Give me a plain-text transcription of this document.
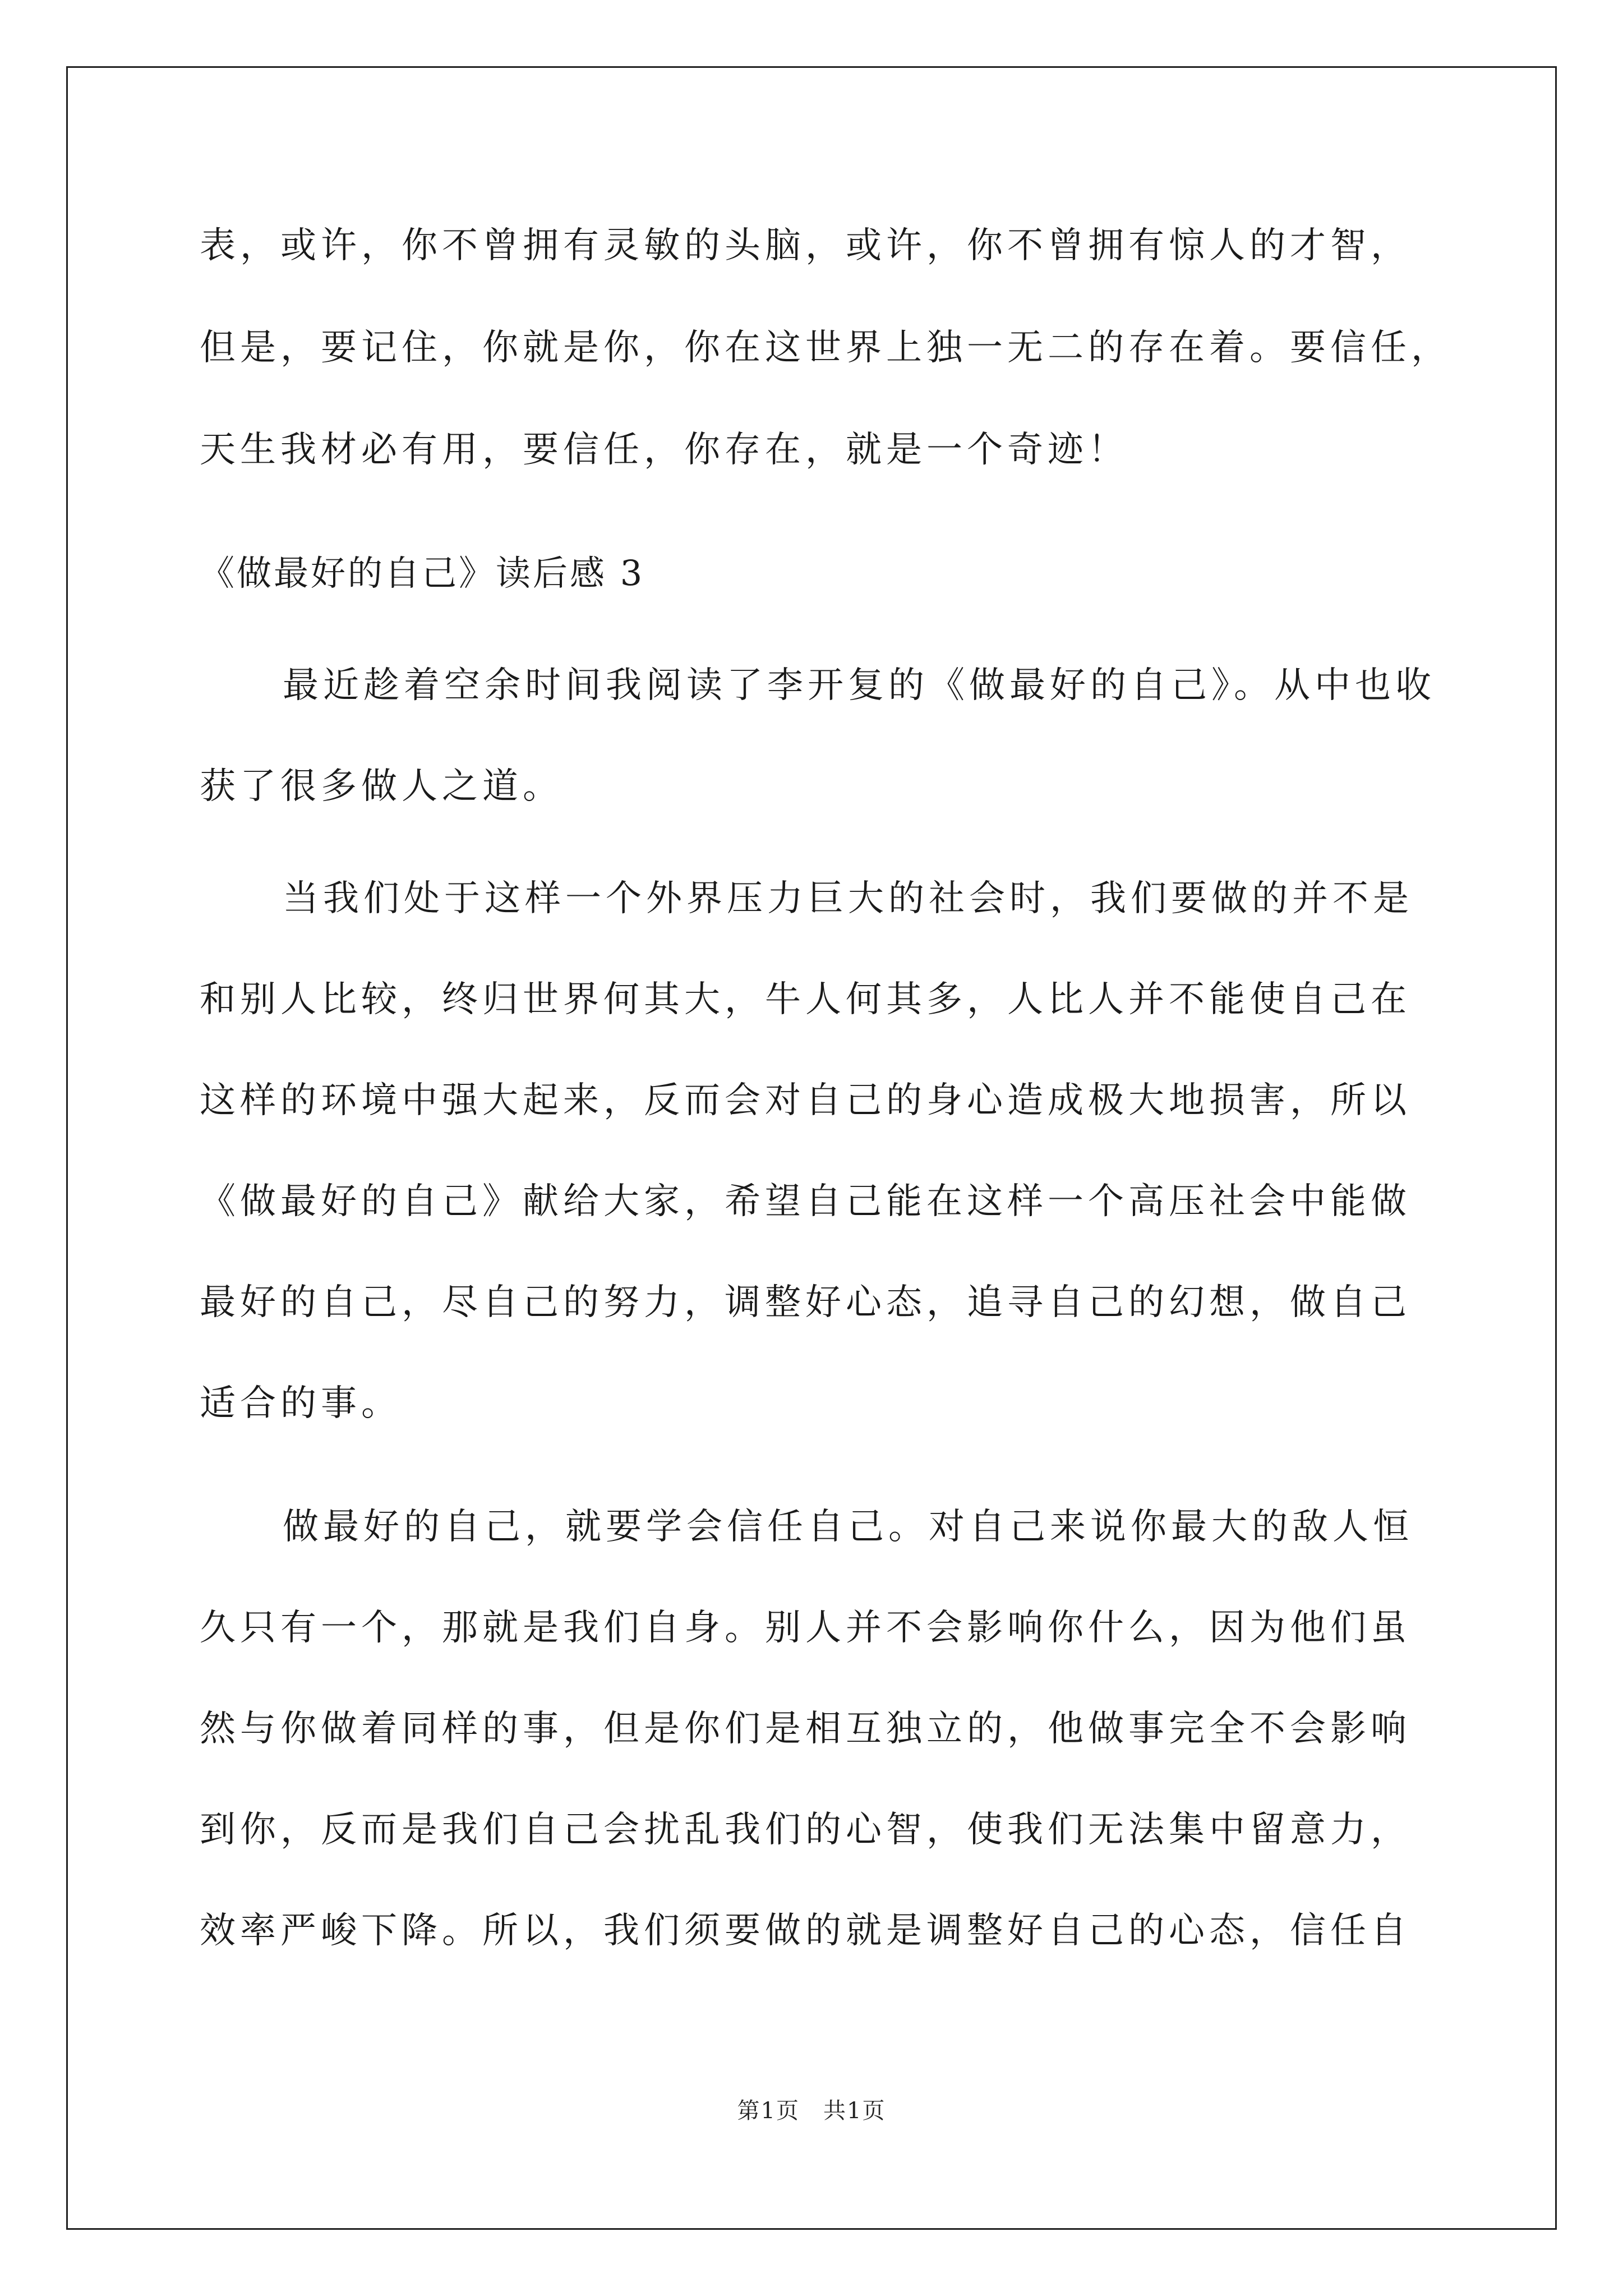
表，或许，你不曾拥有灵敏的头脑，或许，你不曾拥有惊人的才智，
但是，要记住，你就是你，你在这世界上独一无二的存在着。要信任，
天生我材必有用，要信任，你存在，就是一个奇迹！
《做最好的自己》读后感 3
最近趁着空余时间我阅读了李开复的《做最好的自己》。从中也收
获了很多做人之道。
当我们处于这样一个外界压力巨大的社会时，我们要做的并不是
和别人比较，终归世界何其大，牛人何其多，人比人并不能使自己在
这样的环境中强大起来，反而会对自己的身心造成极大地损害，所以
《做最好的自己》献给大家，希望自己能在这样一个高压社会中能做
最好的自己，尽自己的努力，调整好心态，追寻自己的幻想，做自己
适合的事。
做最好的自己，就要学会信任自己。对自己来说你最大的敌人恒
久只有一个，那就是我们自身。别人并不会影响你什么，因为他们虽
然与你做着同样的事，但是你们是相互独立的，他做事完全不会影响
到你，反而是我们自己会扰乱我们的心智，使我们无法集中留意力，
效率严峻下降。所以，我们须要做的就是调整好自己的心态，信任自
第1页　共1页
